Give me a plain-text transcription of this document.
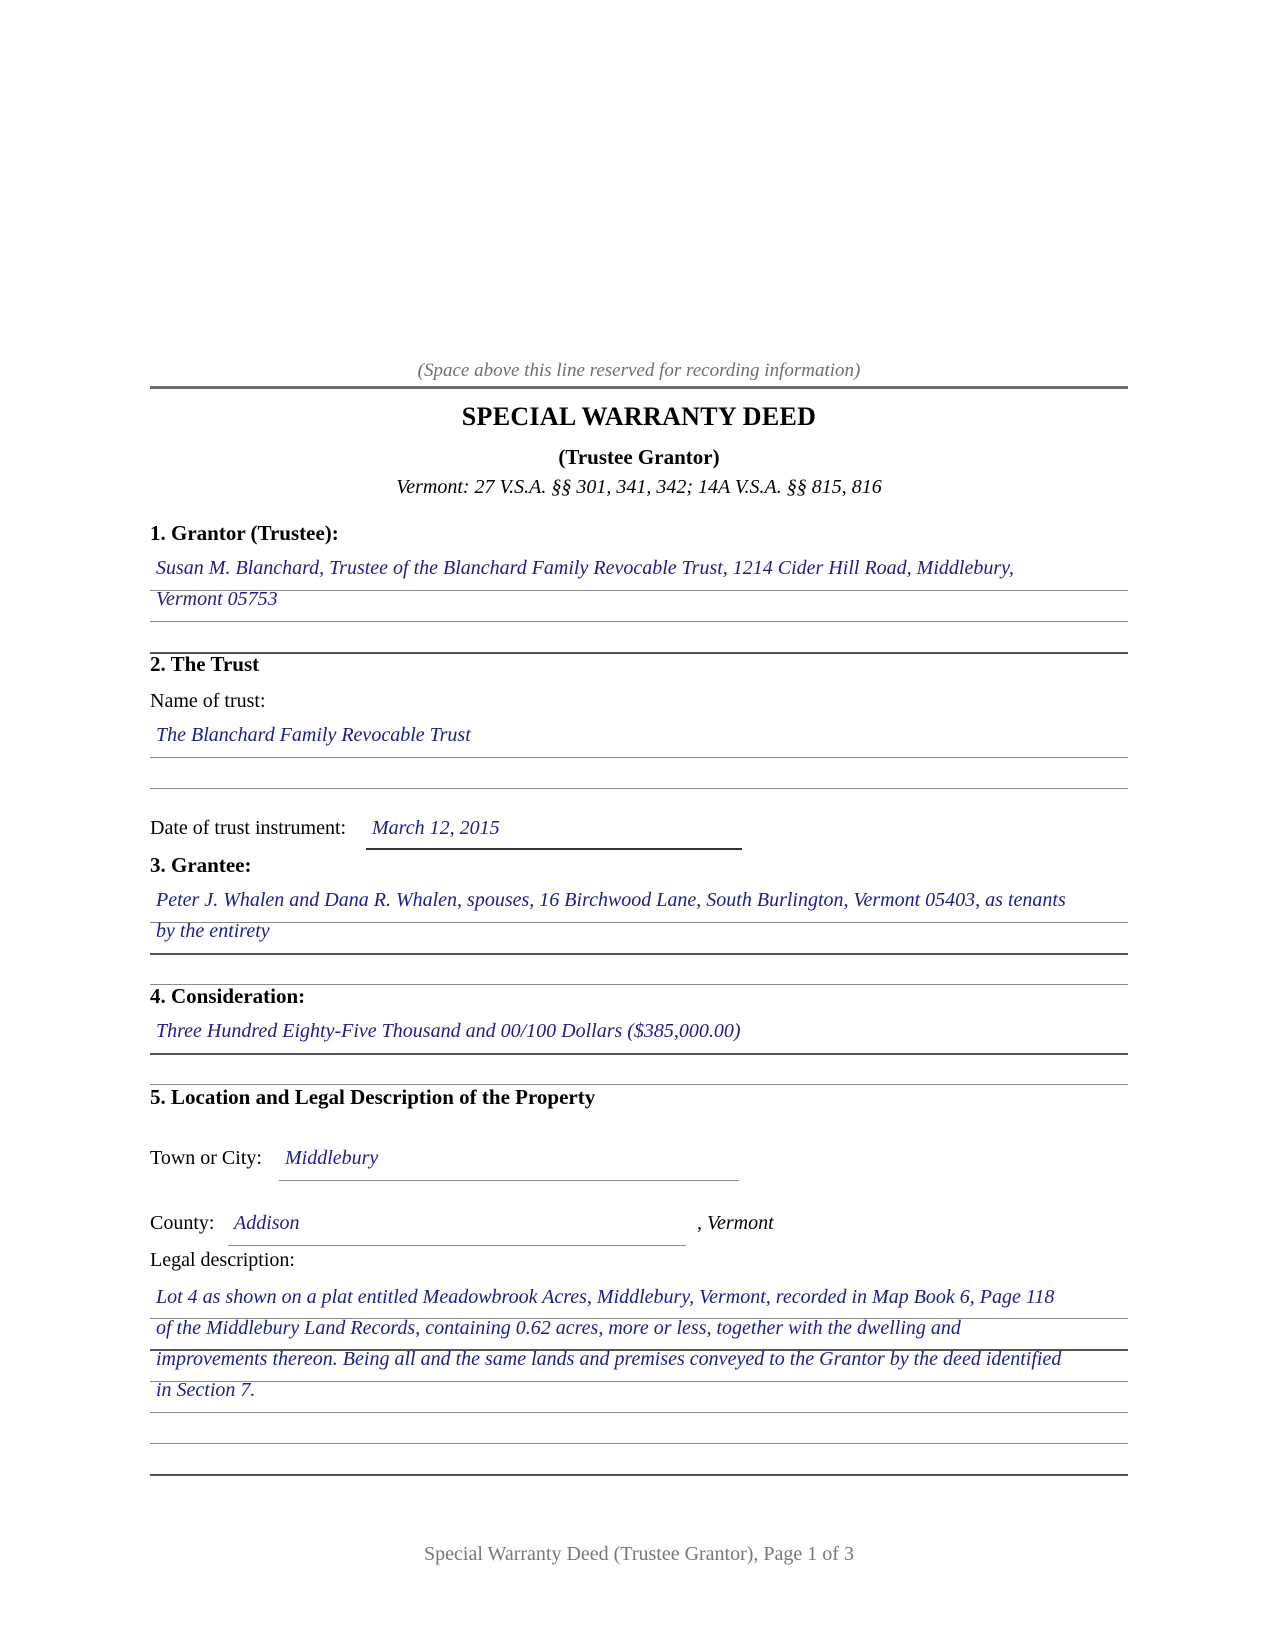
(Space above this line reserved for recording information)
SPECIAL WARRANTY DEED
(Trustee Grantor)
Vermont: 27 V.S.A. §§ 301, 341, 342; 14A V.S.A. §§ 815, 816
1. Grantor (Trustee):
Susan M. Blanchard, Trustee of the Blanchard Family Revocable Trust, 1214 Cider Hill Road, Middlebury,
Vermont 05753
2. The Trust
Name of trust:
The Blanchard Family Revocable Trust
Date of trust instrument: March 12, 2015
3. Grantee:
Peter J. Whalen and Dana R. Whalen, spouses, 16 Birchwood Lane, South Burlington, Vermont 05403, as tenants
by the entirety
4. Consideration:
Three Hundred Eighty-Five Thousand and 00/100 Dollars ($385,000.00)
5. Location and Legal Description of the Property
Town or City: Middlebury
County: Addison	, Vermont
Legal description:
Lot 4 as shown on a plat entitled Meadowbrook Acres, Middlebury, Vermont, recorded in Map Book 6, Page 118
of the Middlebury Land Records, containing 0.62 acres, more or less, together with the dwelling and
improvements thereon. Being all and the same lands and premises conveyed to the Grantor by the deed identified
in Section 7.
Special Warranty Deed (Trustee Grantor), Page 1 of 3
